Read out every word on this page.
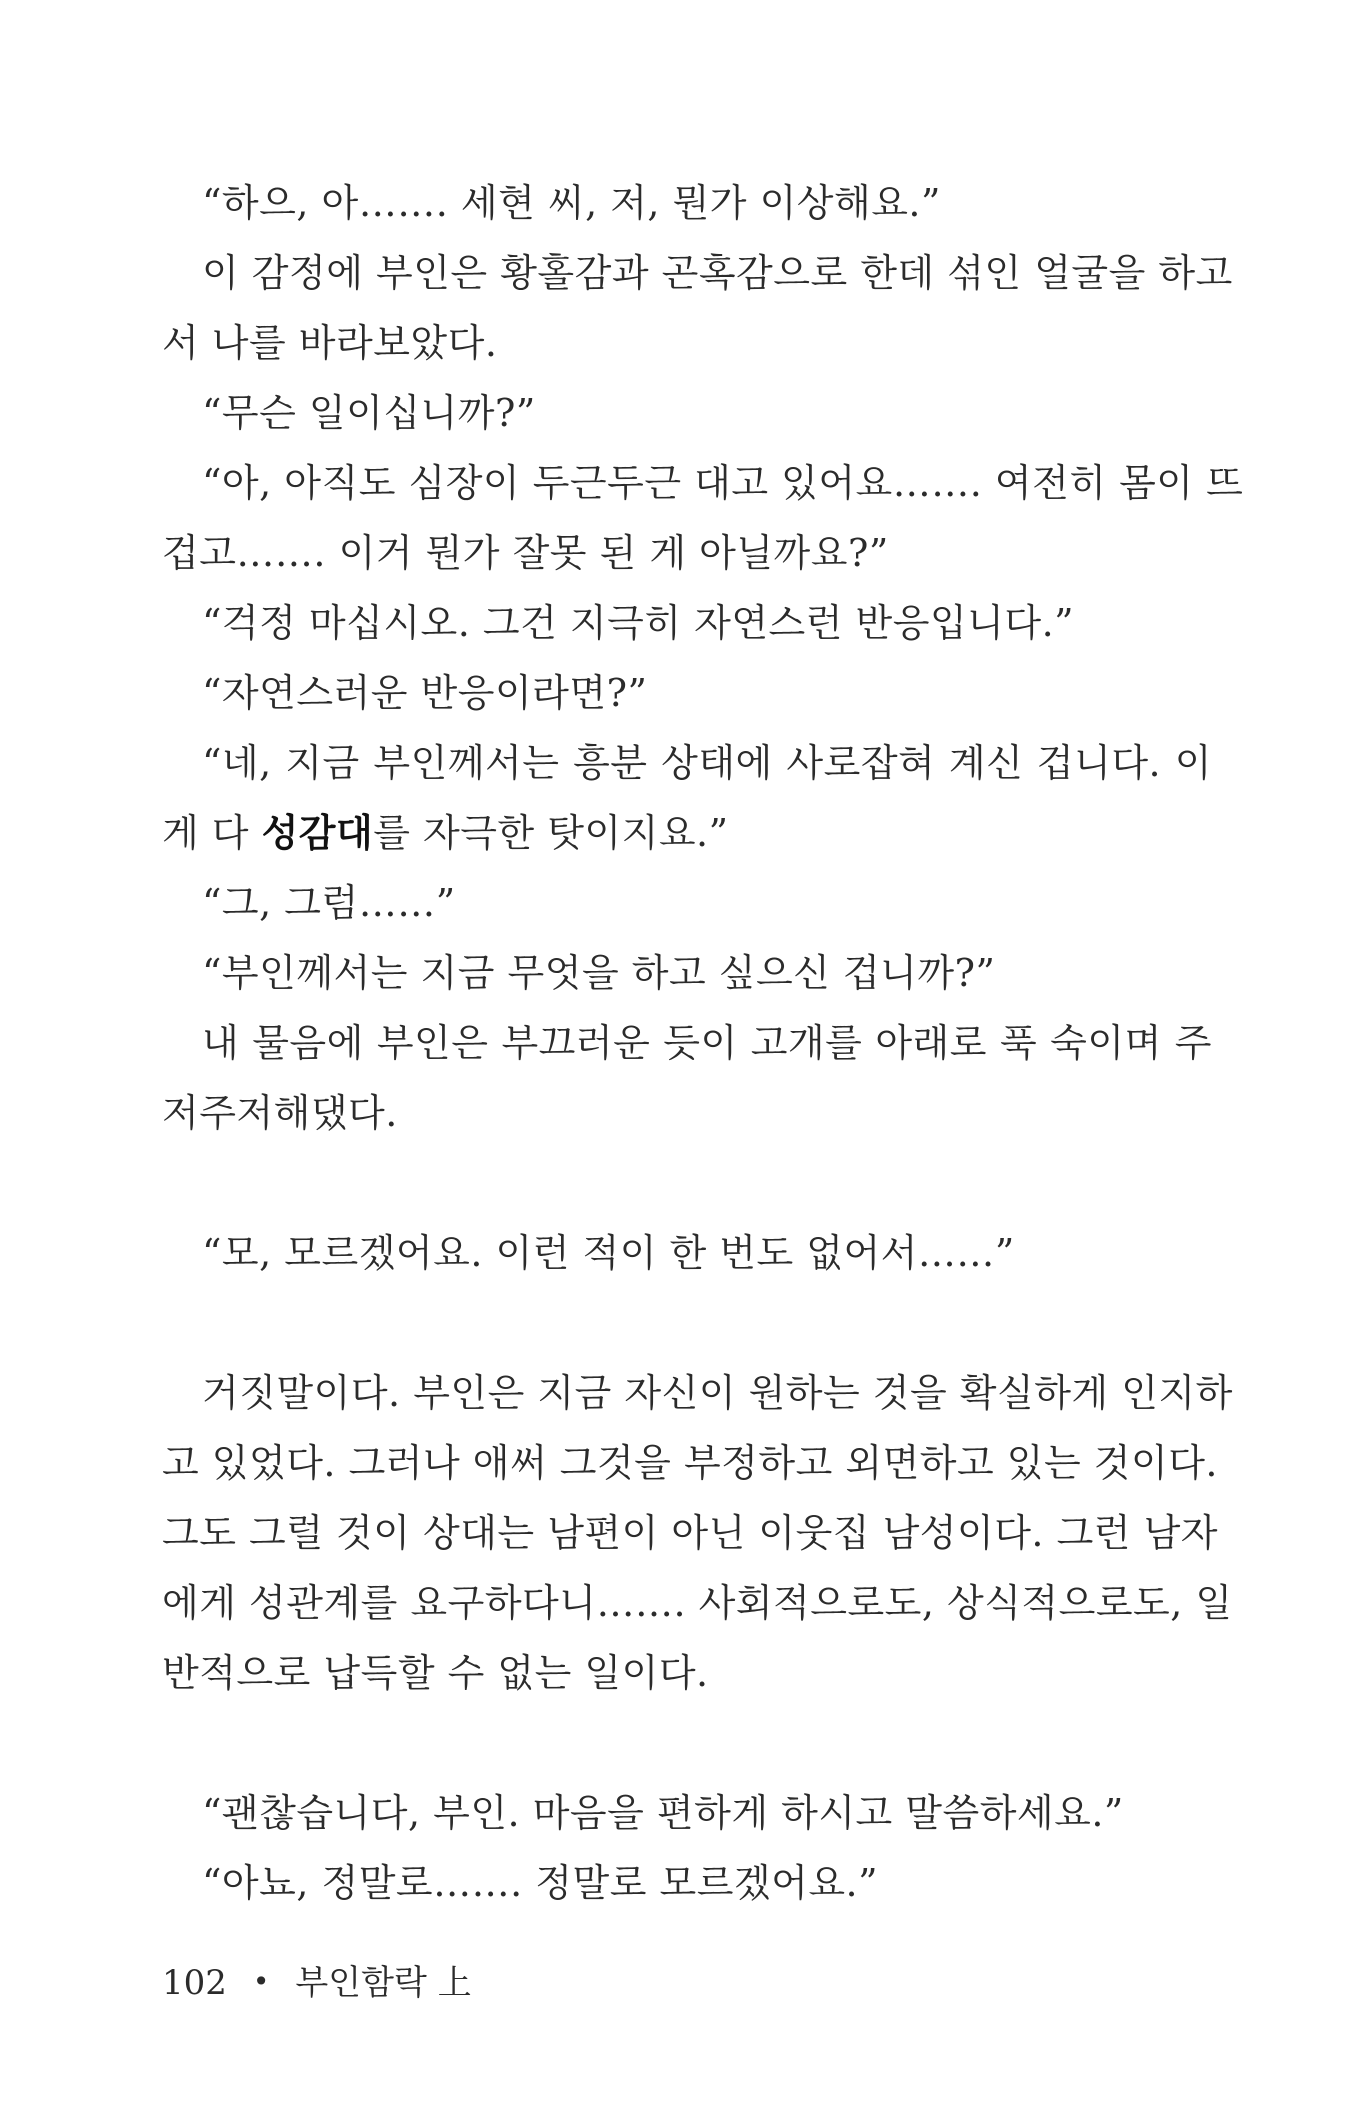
“하으, 아……. 세현 씨, 저, 뭔가 이상해요.”
이 감정에 부인은 황홀감과 곤혹감으로 한데 섞인 얼굴을 하고
서 나를 바라보았다.
“무슨 일이십니까?”
“아, 아직도 심장이 두근두근 대고 있어요……. 여전히 몸이 뜨
겁고……. 이거 뭔가 잘못 된 게 아닐까요?”
“걱정 마십시오. 그건 지극히 자연스런 반응입니다.”
“자연스러운 반응이라면?”
“네, 지금 부인께서는 흥분 상태에 사로잡혀 계신 겁니다. 이
게 다 성감대를 자극한 탓이지요.”
“그, 그럼……”
“부인께서는 지금 무엇을 하고 싶으신 겁니까?”
내 물음에 부인은 부끄러운 듯이 고개를 아래로 푹 숙이며 주
저주저해댔다.
“모, 모르겠어요. 이런 적이 한 번도 없어서……”
거짓말이다. 부인은 지금 자신이 원하는 것을 확실하게 인지하
고 있었다. 그러나 애써 그것을 부정하고 외면하고 있는 것이다.
그도 그럴 것이 상대는 남편이 아닌 이웃집 남성이다. 그런 남자
에게 성관계를 요구하다니……. 사회적으로도, 상식적으로도, 일
반적으로 납득할 수 없는 일이다.
“괜찮습니다, 부인. 마음을 편하게 하시고 말씀하세요.”
“아뇨, 정말로……. 정말로 모르겠어요.”
102 • 부인함락 上
